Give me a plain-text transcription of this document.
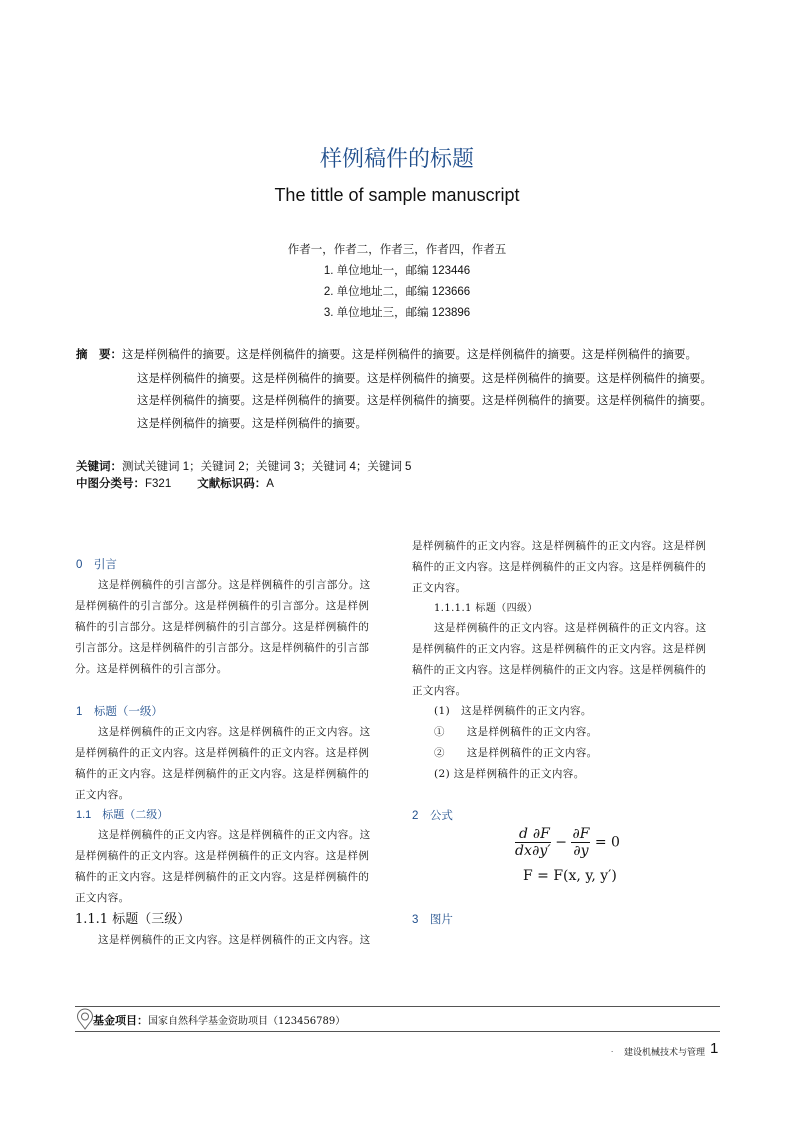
样例稿件的标题
The tittle of sample manuscript
作者一，作者二，作者三，作者四，作者五
1. 单位地址一，邮编 123446
2. 单位地址二，邮编 123666
3. 单位地址三，邮编 123896
摘　要： 这是样例稿件的摘要。这是样例稿件的摘要。这是样例稿件的摘要。这是样例稿件的摘要。这是样例稿件的摘要。
这是样例稿件的摘要。这是样例稿件的摘要。这是样例稿件的摘要。这是样例稿件的摘要。这是样例稿件的摘要。
这是样例稿件的摘要。这是样例稿件的摘要。这是样例稿件的摘要。这是样例稿件的摘要。这是样例稿件的摘要。
这是样例稿件的摘要。这是样例稿件的摘要。
关键词：测试关键词 1；关键词 2；关键词 3；关键词 4；关键词 5
中图分类号：F321 文献标识码：A
0　引言
这是样例稿件的引言部分。这是样例稿件的引言部分。这
是样例稿件的引言部分。这是样例稿件的引言部分。这是样例
稿件的引言部分。这是样例稿件的引言部分。这是样例稿件的
引言部分。这是样例稿件的引言部分。这是样例稿件的引言部
分。这是样例稿件的引言部分。
1　标题（一级）
这是样例稿件的正文内容。这是样例稿件的正文内容。这
是样例稿件的正文内容。这是样例稿件的正文内容。这是样例
稿件的正文内容。这是样例稿件的正文内容。这是样例稿件的
正文内容。
1.1　标题（二级）
这是样例稿件的正文内容。这是样例稿件的正文内容。这
是样例稿件的正文内容。这是样例稿件的正文内容。这是样例
稿件的正文内容。这是样例稿件的正文内容。这是样例稿件的
正文内容。
1.1.1 标题（三级）
这是样例稿件的正文内容。这是样例稿件的正文内容。这
是样例稿件的正文内容。这是样例稿件的正文内容。这是样例
稿件的正文内容。这是样例稿件的正文内容。这是样例稿件的
正文内容。
1.1.1.1 标题（四级）
这是样例稿件的正文内容。这是样例稿件的正文内容。这
是样例稿件的正文内容。这是样例稿件的正文内容。这是样例
稿件的正文内容。这是样例稿件的正文内容。这是样例稿件的
正文内容。
(1)　这是样例稿件的正文内容。
①　　这是样例稿件的正文内容。
②　　这是样例稿件的正文内容。
(2) 这是样例稿件的正文内容。
2　公式
$\frac{d}{dx} \frac{\partial F}{\partial y'} - \frac{\partial F}{\partial y} = 0$
F = F(x, y, y′)
3　图片
基金项目：国家自然科学基金资助项目（123456789）
. 建设机械技术与管理 1
